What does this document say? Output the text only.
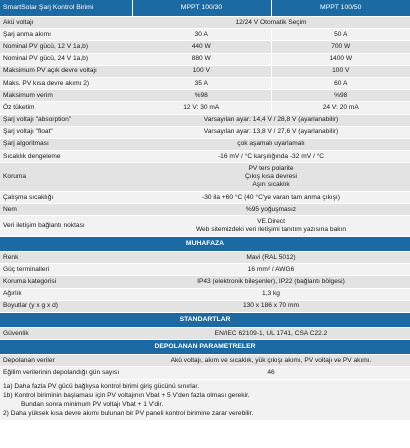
SmartSolar Şarj Kontrol Birimi	MPPT 100/30	MPPT 100/50
Akü voltajı	12/24 V Otomatik Seçim	
Şarj anma akımı	30 A	50 A
Nominal PV gücü, 12 V 1a,b)	440 W	700 W
Nominal PV gücü, 24 V 1a,b)	880 W	1400 W
Maksimum PV açık devre voltajı	100 V	100 V
Maks. PV kısa devre akımı 2)	35 A	60 A
Maksimum verim	%98	%98
Öz tüketim	12 V: 30 mA	24 V: 20 mA
Şarj voltajı "absorption"	Varsayılan ayar: 14,4 V / 28,8 V (ayarlanabilir)	
Şarj voltajı "float"	Varsayılan ayar: 13,8 V / 27,6 V (ayarlanabilir)	
Şarj algoritması	çok aşamalı uyarlamalı	
Sıcaklık dengeleme	-16 mV / °C karşılığında -32 mV / °C	
Koruma	PV ters polarite
Çıkış kısa devresi
Aşırı sıcaklık	

Çalışma sıcaklığı	-30 ila +60 °C (40 °C'ye varan tam anma çıkışı)	
Nem	%95 yoğuşmasız	
Veri iletişim bağlantı noktası	VE.Direct
Web sitemizdeki veri iletişimi tanıtım yazısına bakın	

MUHAFAZA		
Renk	Mavi (RAL 5012)	
Güç terminalleri	16 mm² / AWG6	
Koruma kategorisi	IP43 (elektronik bileşenler), IP22 (bağlantı bölgesi)	
Ağırlık	1,3 kg	
Boyutlar (y x g x d)	130 x 186 x 70 mm	
STANDARTLAR		
Güvenlik	EN/IEC 62109-1, UL 1741, CSA C22.2	
DEPOLANAN PARAMETRELER		
Depolanan veriler	Akü voltajı, akım ve sıcaklık, yük çıkışı akımı, PV voltajı ve PV akımı.	
Eğilim verilerinin depolandığı gün sayısı	46	
1a) Daha fazla PV gücü bağlıysa kontrol birimi giriş gücünü sınırlar.
1b) Kontrol biriminin başlaması için PV voltajının Vbat + 5 V'den fazla olması gerekir.
Bundan sonra minimum PV voltajı Vbat + 1 V'dir.
2) Daha yüksek kısa devre akımı bulunan bir PV paneli kontrol birimine zarar verebilir.
